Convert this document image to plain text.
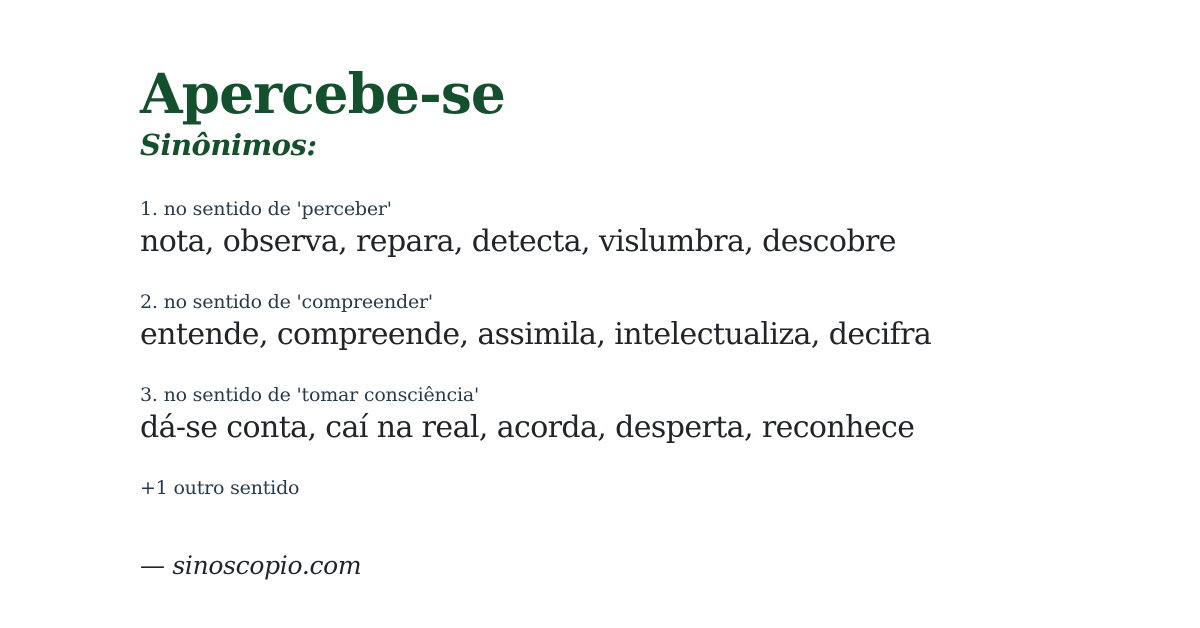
Apercebe-se
Sinônimos:
1. no sentido de 'perceber'
nota, observa, repara, detecta, vislumbra, descobre
2. no sentido de 'compreender'
entende, compreende, assimila, intelectualiza, decifra
3. no sentido de 'tomar consciência'
dá-se conta, caí na real, acorda, desperta, reconhece
+1 outro sentido
— sinoscopio.com
